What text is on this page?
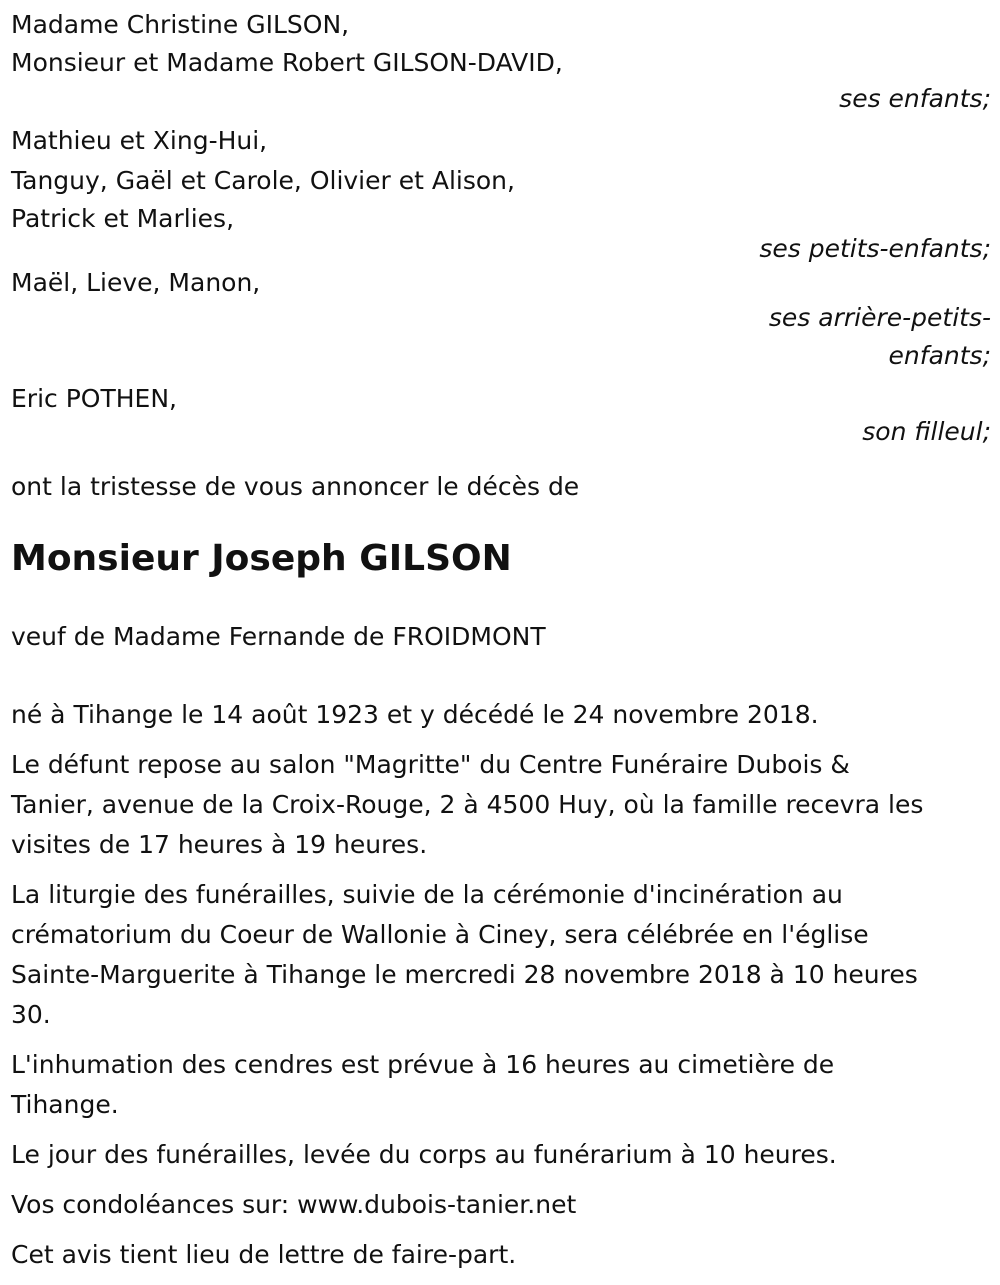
Madame Christine GILSON,
Monsieur et Madame Robert GILSON-DAVID,
ses enfants;
Mathieu et Xing-Hui,
Tanguy, Gaël et Carole, Olivier et Alison,
Patrick et Marlies,
ses petits-enfants;
Maël, Lieve, Manon,
ses arrière-petits-
enfants;
Eric POTHEN,
son filleul;
ont la tristesse de vous annoncer le décès de
Monsieur Joseph GILSON
veuf de Madame Fernande de FROIDMONT
né à Tihange le 14 août 1923 et y décédé le 24 novembre 2018.
Le défunt repose au salon "Magritte" du Centre Funéraire Dubois &
Tanier, avenue de la Croix-Rouge, 2 à 4500 Huy, où la famille recevra les
visites de 17 heures à 19 heures.
La liturgie des funérailles, suivie de la cérémonie d'incinération au
crématorium du Coeur de Wallonie à Ciney, sera célébrée en l'église
Sainte-Marguerite à Tihange le mercredi 28 novembre 2018 à 10 heures
30.
L'inhumation des cendres est prévue à 16 heures au cimetière de
Tihange.
Le jour des funérailles, levée du corps au funérarium à 10 heures.
Vos condoléances sur: www.dubois-tanier.net
Cet avis tient lieu de lettre de faire-part.
